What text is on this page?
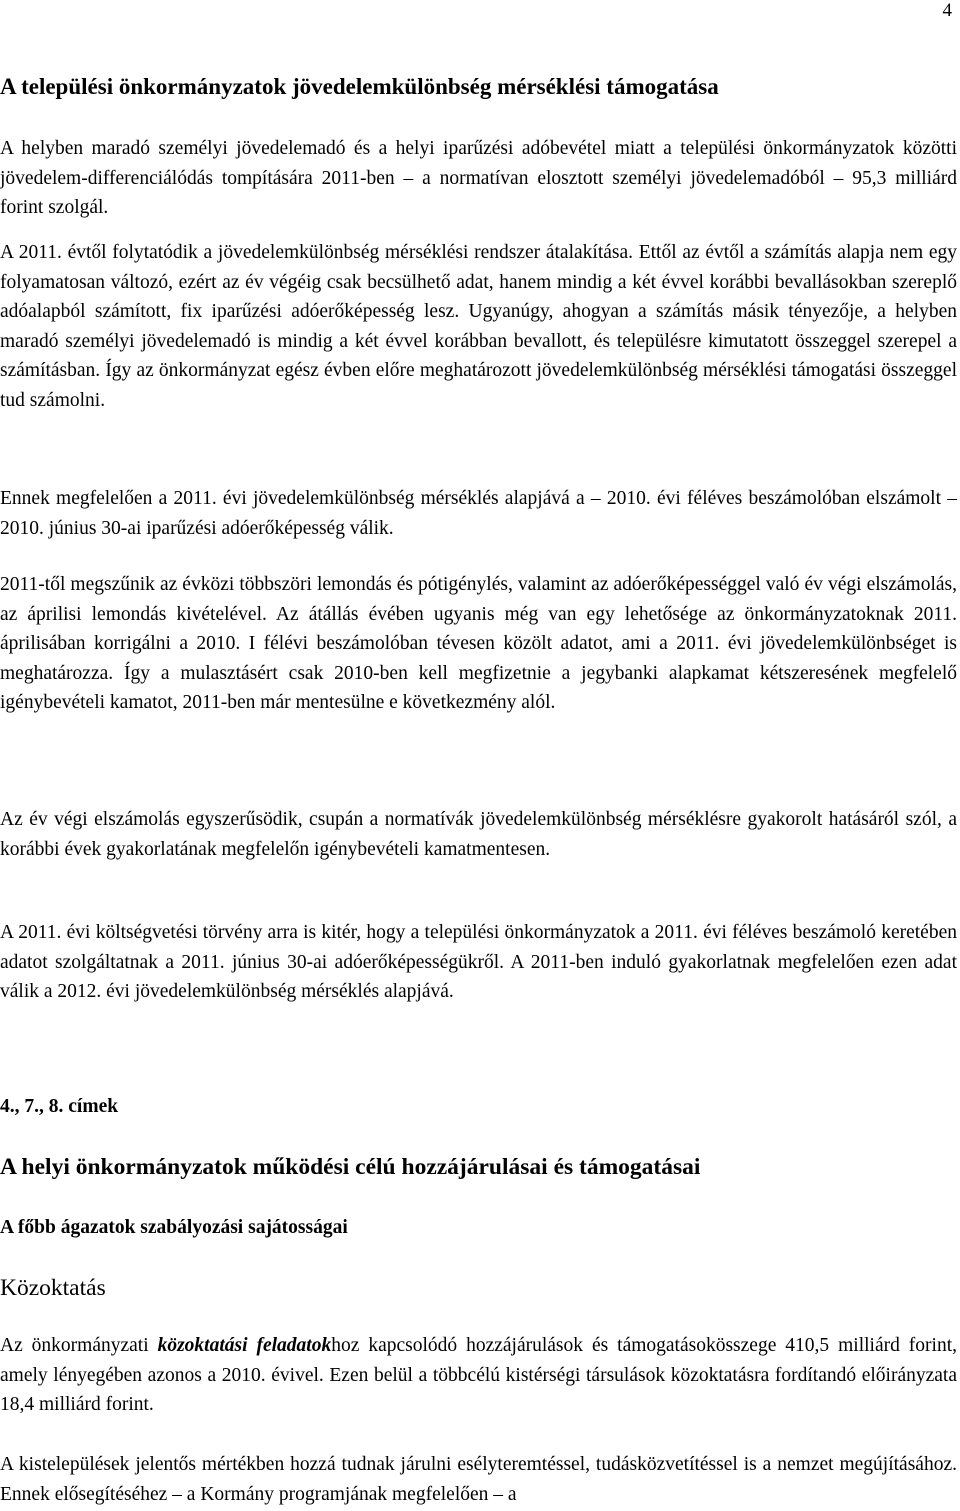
4
A települési önkormányzatok jövedelemkülönbség mérséklési támogatása

A helyben maradó személyi jövedelemadó és a helyi iparűzési adóbevétel miatt a települési önkormányzatok közötti jövedelem-differenciálódás tompítására 2011-ben – a normatívan elosztott személyi jövedelemadóból – 95,3 milliárd forint szolgál.

A 2011. évtől folytatódik a jövedelemkülönbség mérséklési rendszer átalakítása. Ettől az évtől a számítás alapja nem egy folyamatosan változó, ezért az év végéig csak becsülhető adat, hanem mindig a két évvel korábbi bevallásokban szereplő adóalapból számított, fix iparűzési adóerőképesség lesz. Ugyanúgy, ahogyan a számítás másik tényezője, a helyben maradó személyi jövedelemadó is mindig a két évvel korábban bevallott, és településre kimutatott összeggel szerepel a számításban. Így az önkormányzat egész évben előre meghatározott jövedelemkülönbség mérséklési támogatási összeggel tud számolni.

Ennek megfelelően a 2011. évi jövedelemkülönbség mérséklés alapjává a – 2010. évi féléves beszámolóban elszámolt – 2010. június 30-ai iparűzési adóerőképesség válik.

2011-től megszűnik az évközi többszöri lemondás és pótigénylés, valamint az adóerőképességgel való év végi elszámolás, az áprilisi lemondás kivételével. Az átállás évében ugyanis még van egy lehetősége az önkormányzatoknak 2011. áprilisában korrigálni a 2010. I félévi beszámolóban tévesen közölt adatot, ami a 2011. évi jövedelemkülönbséget is meghatározza. Így a mulasztásért csak 2010-ben kell megfizetnie a jegybanki alapkamat kétszeresének megfelelő igénybevételi kamatot, 2011-ben már mentesülne e következmény alól.

Az év végi elszámolás egyszerűsödik, csupán a normatívák jövedelemkülönbség mérséklésre gyakorolt hatásáról szól, a korábbi évek gyakorlatának megfelelőn igénybevételi kamatmentesen.

A 2011. évi költségvetési törvény arra is kitér, hogy a települési önkormányzatok a 2011. évi féléves beszámoló keretében adatot szolgáltatnak a 2011. június 30-ai adóerőképességükről. A 2011-ben induló gyakorlatnak megfelelően ezen adat válik a 2012. évi jövedelemkülönbség mérséklés alapjává.

4., 7., 8. címek
A helyi önkormányzatok működési célú hozzájárulásai és támogatásai
A főbb ágazatok szabályozási sajátosságai
Közoktatás

Az önkormányzati közoktatási feladatokhoz kapcsolódó hozzájárulások és támogatásokösszege 410,5 milliárd forint, amely lényegében azonos a 2010. évivel. Ezen belül a többcélú kistérségi társulások közoktatásra fordítandó előirányzata 18,4 milliárd forint.

A kistelepülések jelentős mértékben hozzá tudnak járulni esélyteremtéssel, tudásközvetítéssel is a nemzet megújításához. Ennek elősegítéséhez – a Kormány programjának megfelelően – a
